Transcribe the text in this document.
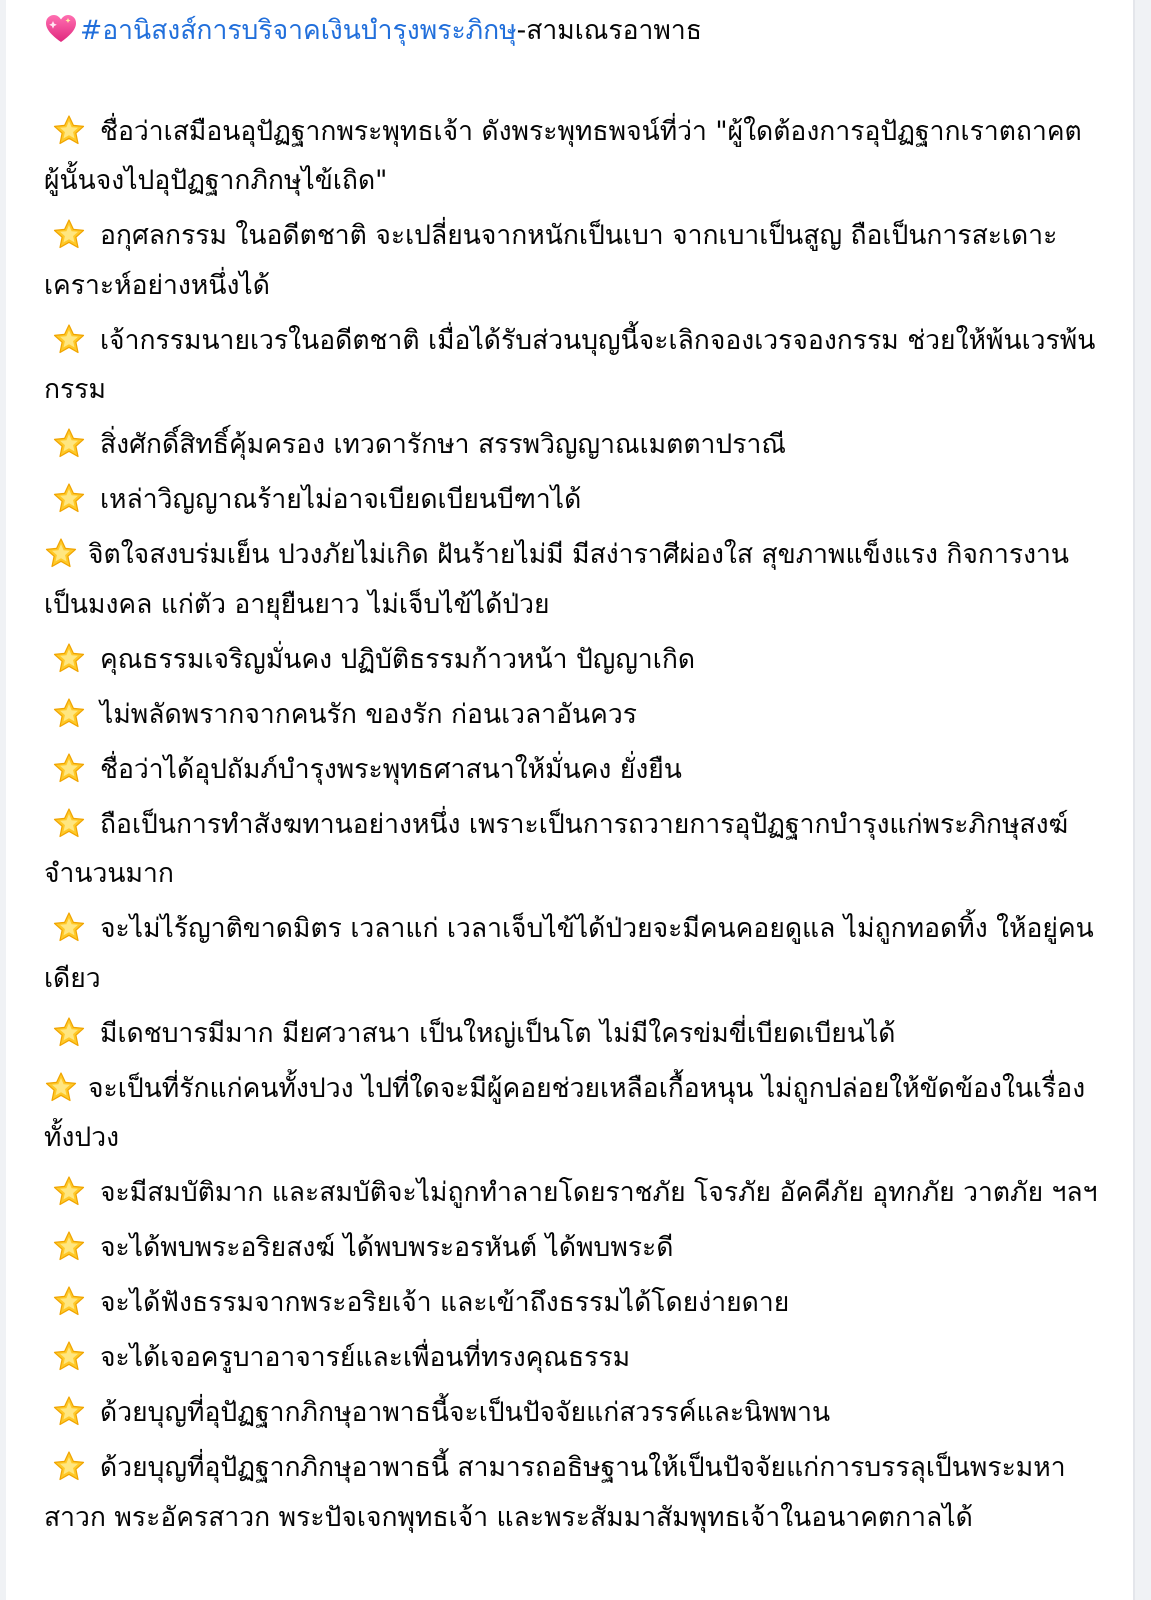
#อานิสงส์การบริจาคเงินบำรุงพระภิกษุ-สามเณรอาพาธ
ชื่อว่าเสมือนอุปัฏฐากพระพุทธเจ้า ดังพระพุทธพจน์ที่ว่า "ผู้ใดต้องการอุปัฏฐากเราตถาคต ผู้นั้นจงไปอุปัฏฐากภิกษุไข้เถิด"
อกุศลกรรม ในอดีตชาติ จะเปลี่ยนจากหนักเป็นเบา จากเบาเป็นสูญ ถือเป็นการสะเดาะเคราะห์อย่างหนึ่งได้
เจ้ากรรมนายเวรในอดีตชาติ เมื่อได้รับส่วนบุญนี้จะเลิกจองเวรจองกรรม ช่วยให้พ้นเวรพ้นกรรม
สิ่งศักดิ์สิทธิ์คุ้มครอง เทวดารักษา สรรพวิญญาณเมตตาปราณี
เหล่าวิญญาณร้ายไม่อาจเบียดเบียนบีฑาได้
จิตใจสงบร่มเย็น ปวงภัยไม่เกิด ฝันร้ายไม่มี มีสง่าราศีผ่องใส สุขภาพแข็งแรง กิจการงานเป็นมงคล แก่ตัว อายุยืนยาว ไม่เจ็บไข้ได้ป่วย
คุณธรรมเจริญมั่นคง ปฏิบัติธรรมก้าวหน้า ปัญญาเกิด
ไม่พลัดพรากจากคนรัก ของรัก ก่อนเวลาอันควร
ชื่อว่าได้อุปถัมภ์บำรุงพระพุทธศาสนาให้มั่นคง ยั่งยืน
ถือเป็นการทำสังฆทานอย่างหนึ่ง เพราะเป็นการถวายการอุปัฏฐากบำรุงแก่พระภิกษุสงฆ์จำนวนมาก
จะไม่ไร้ญาติขาดมิตร เวลาแก่ เวลาเจ็บไข้ได้ป่วยจะมีคนคอยดูแล ไม่ถูกทอดทิ้ง ให้อยู่คนเดียว
มีเดชบารมีมาก มียศวาสนา เป็นใหญ่เป็นโต ไม่มีใครข่มขี่เบียดเบียนได้
จะเป็นที่รักแก่คนทั้งปวง ไปที่ใดจะมีผู้คอยช่วยเหลือเกื้อหนุน ไม่ถูกปล่อยให้ขัดข้องในเรื่องทั้งปวง
จะมีสมบัติมาก และสมบัติจะไม่ถูกทำลายโดยราชภัย โจรภัย อัคคีภัย อุทกภัย วาตภัย ฯลฯ
จะได้พบพระอริยสงฆ์ ได้พบพระอรหันต์ ได้พบพระดี
จะได้ฟังธรรมจากพระอริยเจ้า และเข้าถึงธรรมได้โดยง่ายดาย
จะได้เจอครูบาอาจารย์และเพื่อนที่ทรงคุณธรรม
ด้วยบุญที่อุปัฏฐากภิกษุอาพาธนี้จะเป็นปัจจัยแก่สวรรค์และนิพพาน
ด้วยบุญที่อุปัฏฐากภิกษุอาพาธนี้ สามารถอธิษฐานให้เป็นปัจจัยแก่การบรรลุเป็นพระมหาสาวก พระอัครสาวก พระปัจเจกพุทธเจ้า และพระสัมมาสัมพุทธเจ้าในอนาคตกาลได้
